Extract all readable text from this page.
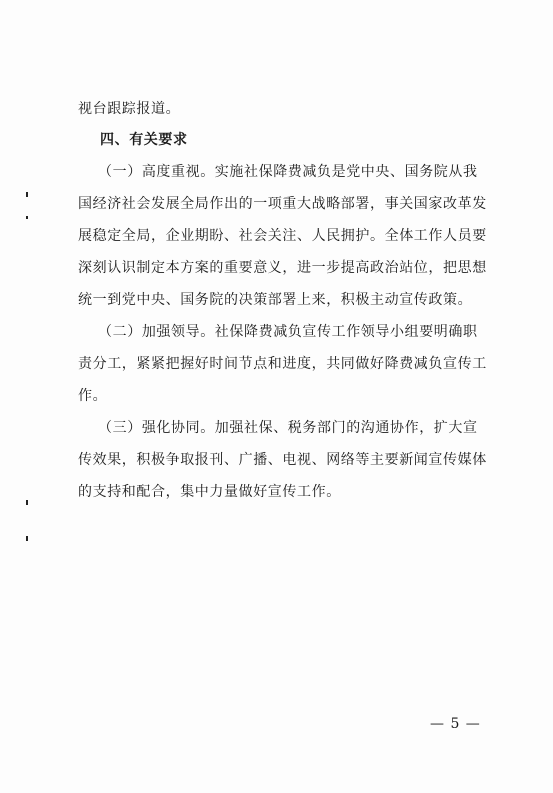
视台跟踪报道。
四、有关要求
（一）高度重视。实施社保降费减负是党中央、国务院从我
国经济社会发展全局作出的一项重大战略部署，事关国家改革发
展稳定全局，企业期盼、社会关注、人民拥护。全体工作人员要
深刻认识制定本方案的重要意义，进一步提高政治站位，把思想
统一到党中央、国务院的决策部署上来，积极主动宣传政策。
（二）加强领导。社保降费减负宣传工作领导小组要明确职
责分工，紧紧把握好时间节点和进度，共同做好降费减负宣传工
作。
（三）强化协同。加强社保、税务部门的沟通协作，扩大宣
传效果，积极争取报刊、广播、电视、网络等主要新闻宣传媒体
的支持和配合，集中力量做好宣传工作。
— 5 —
